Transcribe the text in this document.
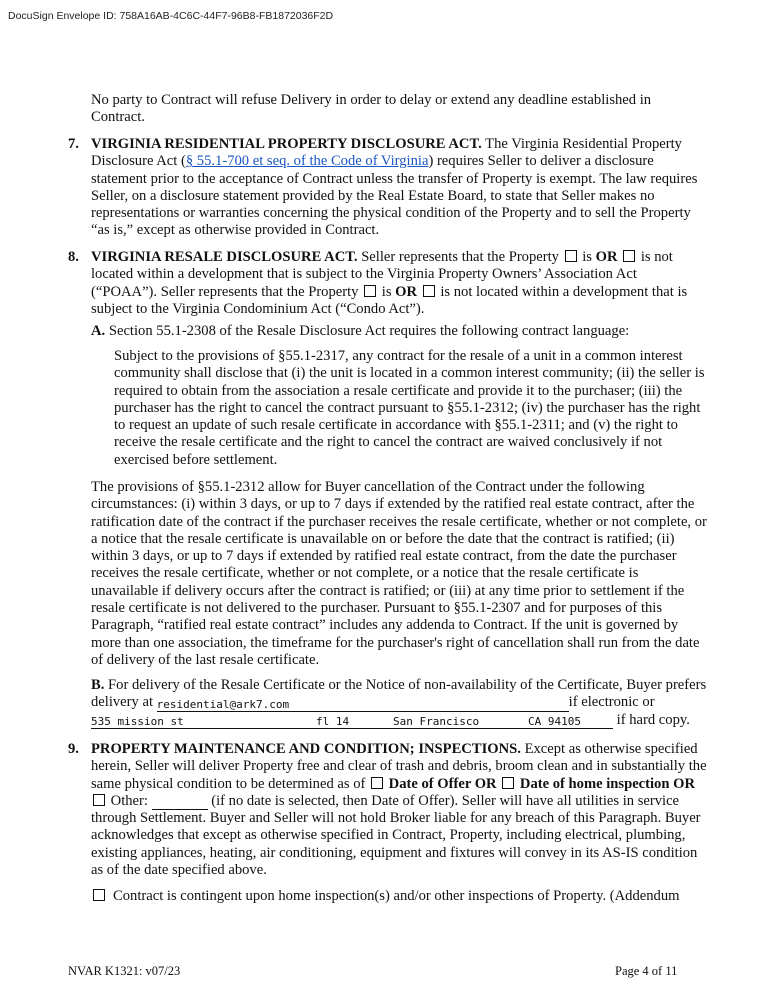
DocuSign Envelope ID: 758A16AB-4C6C-44F7-96B8-FB1872036F2D
No party to Contract will refuse Delivery in order to delay or extend any deadline established in Contract.
7. VIRGINIA RESIDENTIAL PROPERTY DISCLOSURE ACT. The Virginia Residential Property Disclosure Act (§ 55.1-700 et seq. of the Code of Virginia) requires Seller to deliver a disclosure statement prior to the acceptance of Contract unless the transfer of Property is exempt. The law requires Seller, on a disclosure statement provided by the Real Estate Board, to state that Seller makes no representations or warranties concerning the physical condition of the Property and to sell the Property “as is,” except as otherwise provided in Contract.
8. VIRGINIA RESALE DISCLOSURE ACT. Seller represents that the Property  is OR  is not located within a development that is subject to the Virginia Property Owners’ Association Act (“POAA”). Seller represents that the Property  is OR  is not located within a development that is subject to the Virginia Condominium Act (“Condo Act”).
A. Section 55.1-2308 of the Resale Disclosure Act requires the following contract language:
Subject to the provisions of §55.1-2317, any contract for the resale of a unit in a common interest community shall disclose that (i) the unit is located in a common interest community; (ii) the seller is required to obtain from the association a resale certificate and provide it to the purchaser; (iii) the purchaser has the right to cancel the contract pursuant to §55.1-2312; (iv) the purchaser has the right to request an update of such resale certificate in accordance with §55.1-2311; and (v) the right to receive the resale certificate and the right to cancel the contract are waived conclusively if not exercised before settlement.
The provisions of §55.1-2312 allow for Buyer cancellation of the Contract under the following circumstances: (i) within 3 days, or up to 7 days if extended by the ratified real estate contract, after the ratification date of the contract if the purchaser receives the resale certificate, whether or not complete, or a notice that the resale certificate is unavailable on or before the date that the contract is ratified; (ii) within 3 days, or up to 7 days if extended by ratified real estate contract, from the date the purchaser receives the resale certificate, whether or not complete, or a notice that the resale certificate is unavailable if delivery occurs after the contract is ratified; or (iii) at any time prior to settlement if the resale certificate is not delivered to the purchaser. Pursuant to §55.1-2307 and for purposes of this Paragraph, “ratified real estate contract” includes any addenda to Contract. If the unit is governed by more than one association, the timeframe for the purchaser's right of cancellation shall run from the date of delivery of the last resale certificate.
B. For delivery of the Resale Certificate or the Notice of non-availability of the Certificate, Buyer prefers delivery at residential@ark7.com	if electronic or
535 mission st	fl 14	San Francisco	CA 94105 if hard copy.
9. PROPERTY MAINTENANCE AND CONDITION; INSPECTIONS. Except as otherwise specified herein, Seller will deliver Property free and clear of trash and debris, broom clean and in substantially the same physical condition to be determined as of  Date of Offer OR  Date of home inspection OR  Other:	(if no date is selected, then Date of Offer). Seller will have all utilities in service through Settlement. Buyer and Seller will not hold Broker liable for any breach of this Paragraph. Buyer acknowledges that except as otherwise specified in Contract, Property, including electrical, plumbing, existing appliances, heating, air conditioning, equipment and fixtures will convey in its AS-IS condition as of the date specified above.
Contract is contingent upon home inspection(s) and/or other inspections of Property. (Addendum
NVAR K1321: v07/23	Page 4 of 11
